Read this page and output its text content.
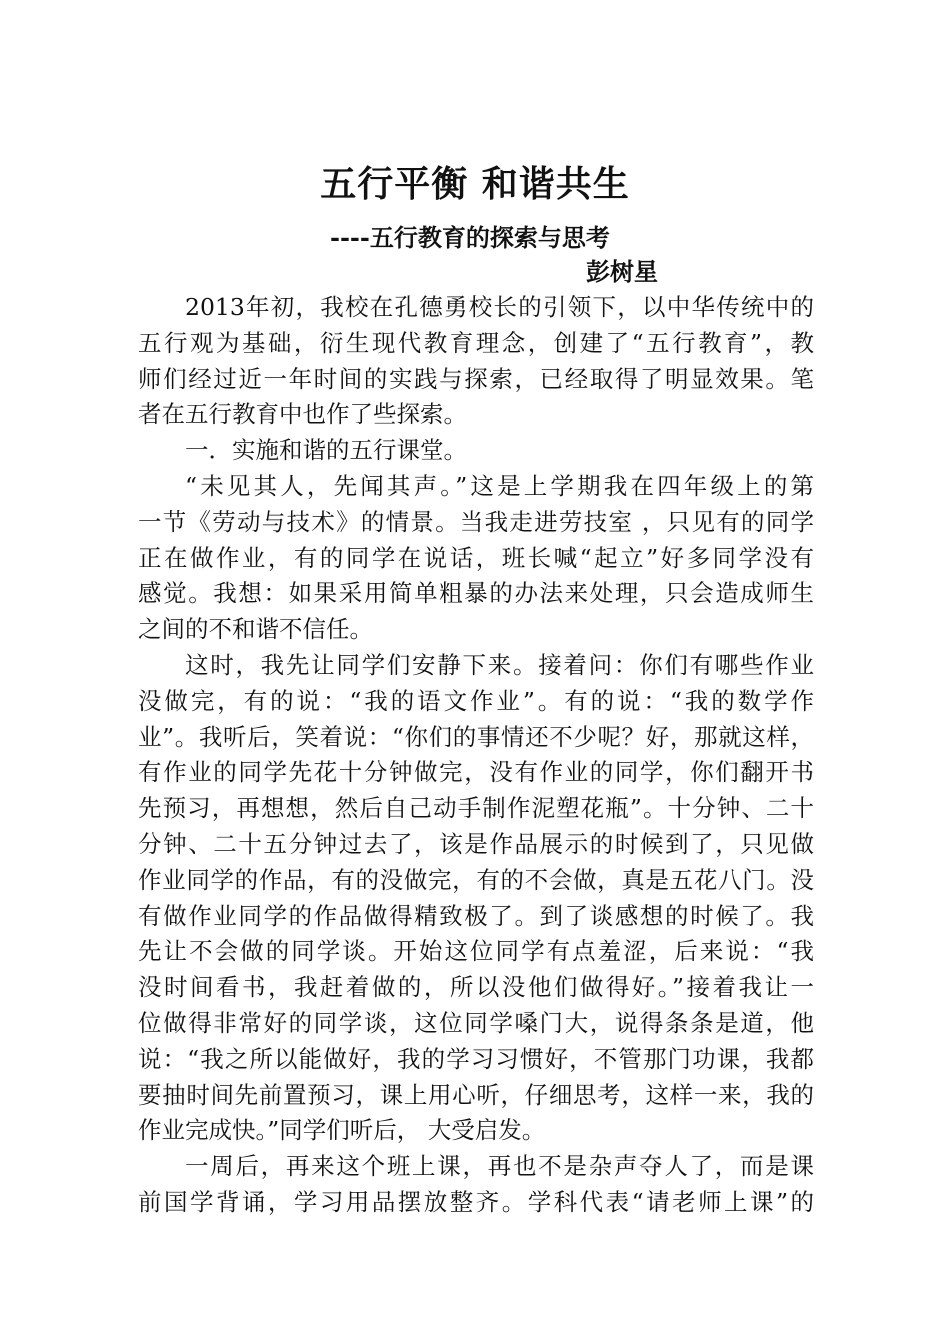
五行平衡 和谐共生
----五行教育的探索与思考
彭树星
2013年初，我校在孔德勇校长的引领下，以中华传统中的
五行观为基础，衍生现代教育理念，创建了“五行教育”，教
师们经过近一年时间的实践与探索，已经取得了明显效果。笔
者在五行教育中也作了些探索。
一．实施和谐的五行课堂。
“未见其人，先闻其声。”这是上学期我在四年级上的第
一节《劳动与技术》的情景。当我走进劳技室 ，只见有的同学
正在做作业，有的同学在说话，班长喊“起立”好多同学没有
感觉。我想：如果采用简单粗暴的办法来处理，只会造成师生
之间的不和谐不信任。
这时，我先让同学们安静下来。接着问：你们有哪些作业
没做完，有的说：“我的语文作业”。有的说：“我的数学作
业”。我听后，笑着说：“你们的事情还不少呢？好，那就这样，
有作业的同学先花十分钟做完，没有作业的同学，你们翻开书
先预习，再想想，然后自己动手制作泥塑花瓶”。十分钟、二十
分钟、二十五分钟过去了，该是作品展示的时候到了，只见做
作业同学的作品，有的没做完，有的不会做，真是五花八门。没
有做作业同学的作品做得精致极了。到了谈感想的时候了。我
先让不会做的同学谈。开始这位同学有点羞涩，后来说：“我
没时间看书，我赶着做的，所以没他们做得好。”接着我让一
位做得非常好的同学谈，这位同学嗓门大，说得条条是道，他
说：“我之所以能做好，我的学习习惯好，不管那门功课，我都
要抽时间先前置预习，课上用心听，仔细思考，这样一来，我的
作业完成快。”同学们听后， 大受启发。
一周后，再来这个班上课，再也不是杂声夺人了，而是课
前国学背诵，学习用品摆放整齐。学科代表“请老师上课”的
